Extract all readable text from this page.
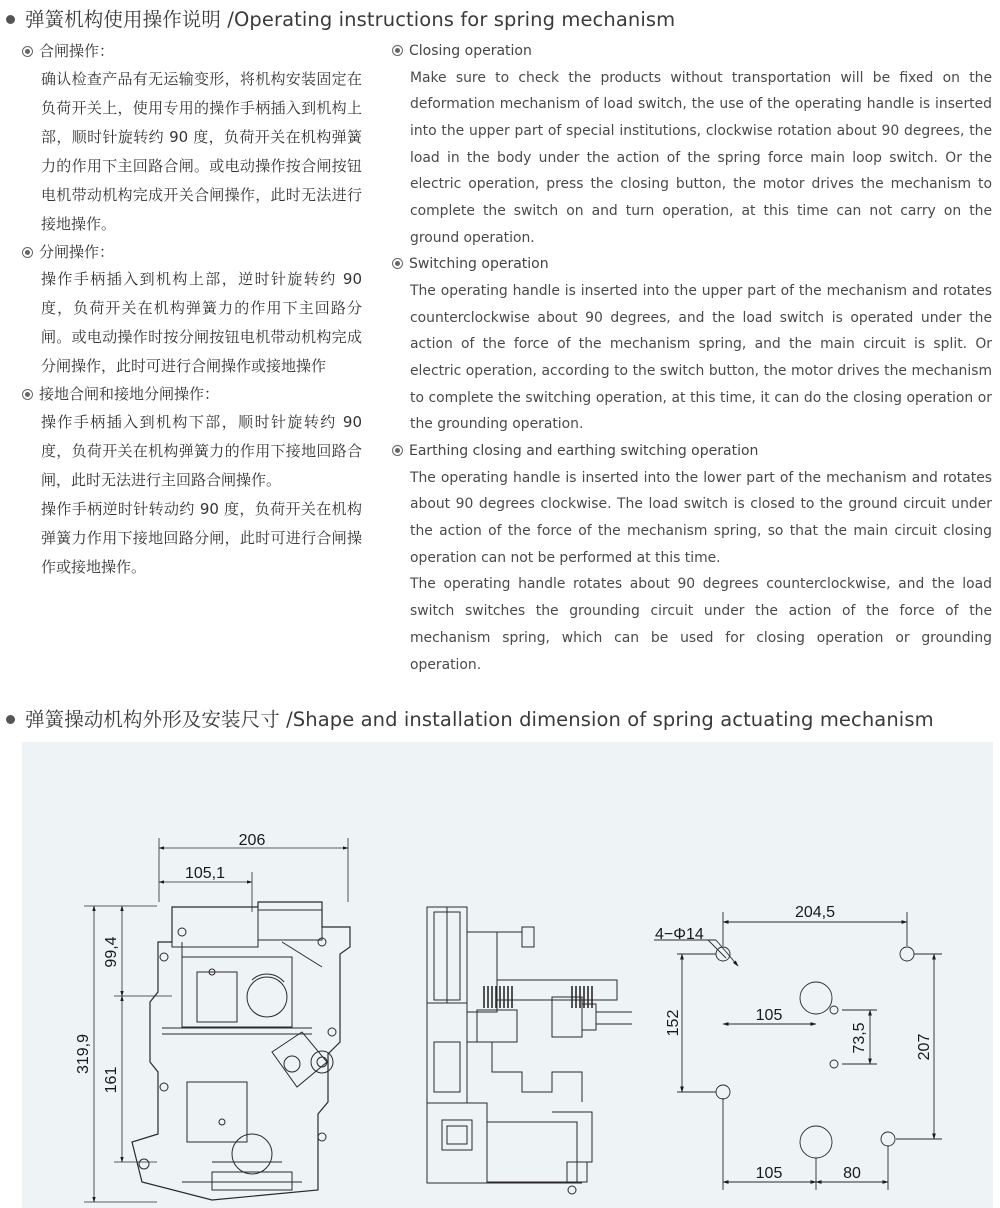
弹簧机构使用操作说明 /Operating instructions for spring mechanism
合闸操作：
确认检查产品有无运输变形，将机构安装固定在负荷开关上，使用专用的操作手柄插入到机构上部，顺时针旋转约 90 度，负荷开关在机构弹簧力的作用下主回路合闸。或电动操作按合闸按钮电机带动机构完成开关合闸操作，此时无法进行接地操作。
分闸操作：
操作手柄插入到机构上部，逆时针旋转约 90 度，负荷开关在机构弹簧力的作用下主回路分闸。或电动操作时按分闸按钮电机带动机构完成分闸操作，此时可进行合闸操作或接地操作
接地合闸和接地分闸操作：
操作手柄插入到机构下部，顺时针旋转约 90 度，负荷开关在机构弹簧力的作用下接地回路合闸，此时无法进行主回路合闸操作。
操作手柄逆时针转动约 90 度，负荷开关在机构弹簧力作用下接地回路分闸，此时可进行合闸操作或接地操作。
Closing operation
Make sure to check the products without transportation will be fixed on the deformation mechanism of load switch, the use of the operating handle is inserted into the upper part of special institutions, clockwise rotation about 90 degrees, the load in the body under the action of the spring force main loop switch. Or the electric operation, press the closing button, the motor drives the mechanism to complete the switch on and turn operation, at this time can not carry on the ground operation.
Switching operation
The operating handle is inserted into the upper part of the mechanism and rotates counterclockwise about 90 degrees, and the load switch is operated under the action of the force of the mechanism spring, and the main circuit is split. Or electric operation, according to the switch button, the motor drives the mechanism to complete the switching operation, at this time, it can do the closing operation or the grounding operation.
Earthing closing and earthing switching operation
The operating handle is inserted into the lower part of the mechanism and rotates about 90 degrees clockwise. The load switch is closed to the ground circuit under the action of the force of the mechanism spring, so that the main circuit closing operation can not be performed at this time.
The operating handle rotates about 90 degrees counterclockwise, and the load switch switches the grounding circuit under the action of the force of the mechanism spring, which can be used for closing operation or grounding operation.
弹簧操动机构外形及安装尺寸 /Shape and installation dimension of spring actuating mechanism
206
105,1
319,9
99,4
161
204,5
4−Φ14
152	105
73,5	207
105	80
